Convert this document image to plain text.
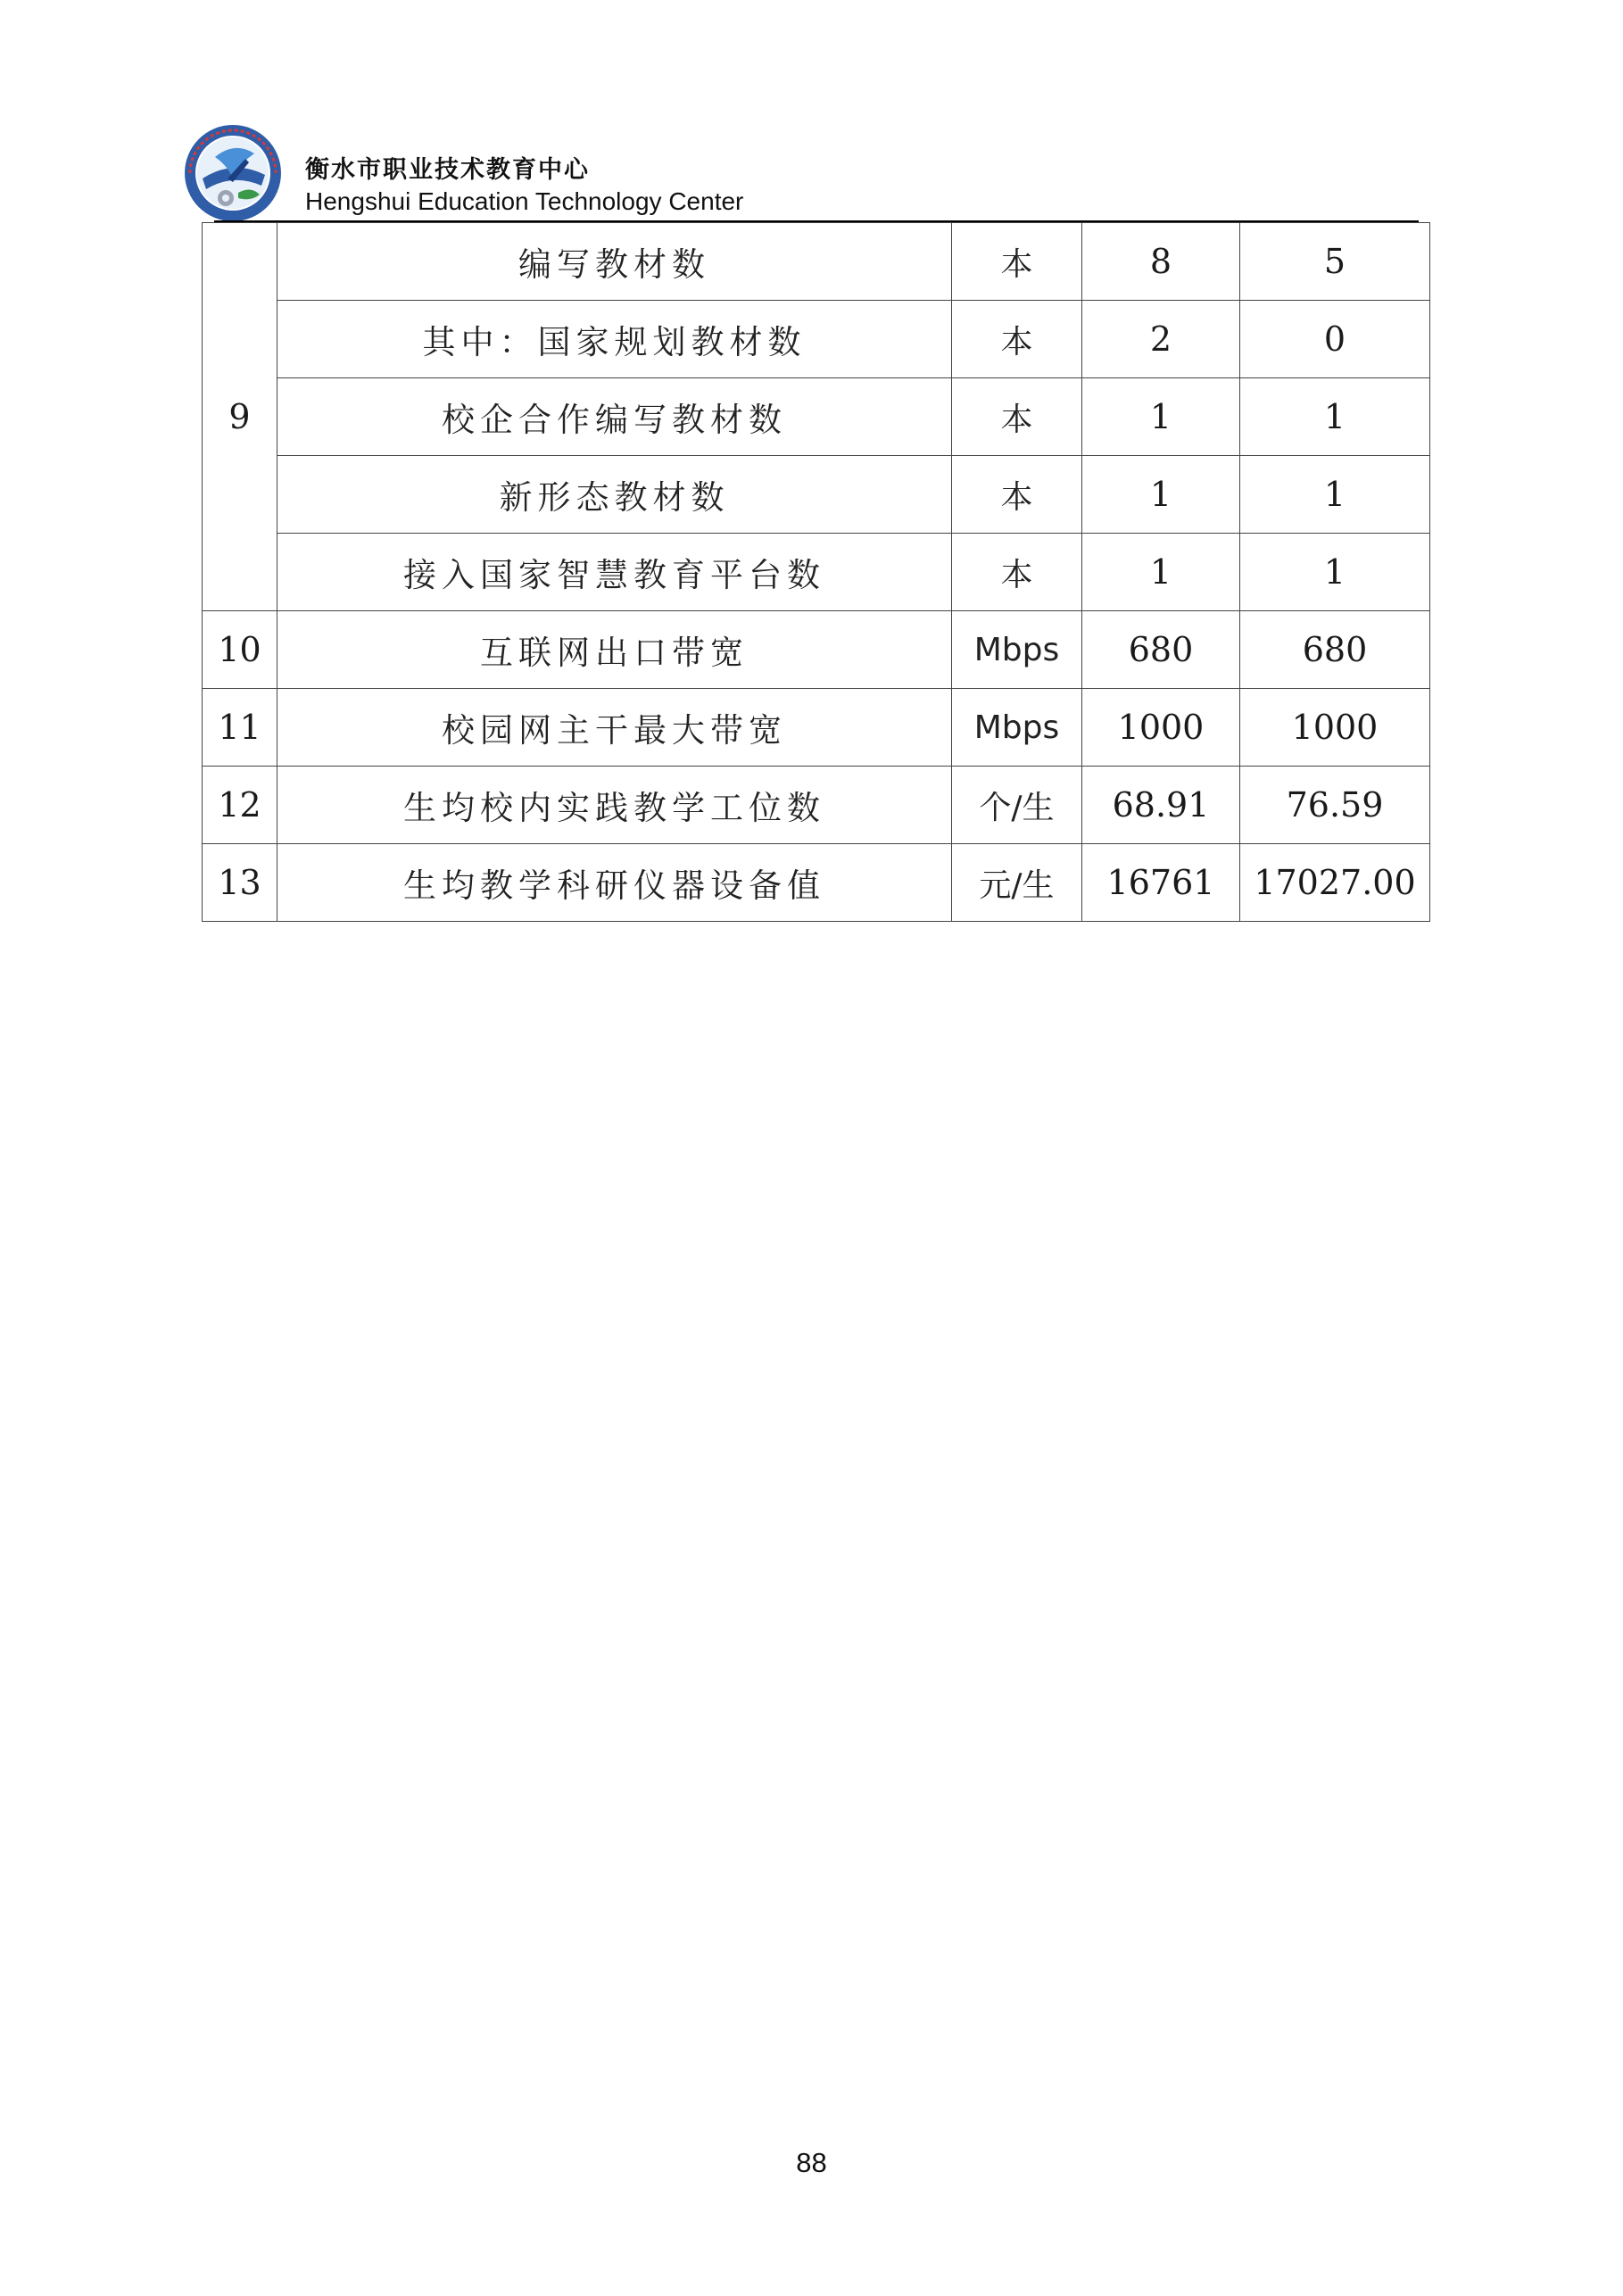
衡水市职业技术教育中心
Hengshui Education Technology Center
9	编写教材数	本	8	5
	其中：国家规划教材数	本	2	0
	校企合作编写教材数	本	1	1
	新形态教材数	本	1	1
	接入国家智慧教育平台数	本	1	1
10	互联网出口带宽	Mbps	680	680
11	校园网主干最大带宽	Mbps	1000	1000
12	生均校内实践教学工位数	个/生	68.91	76.59
13	生均教学科研仪器设备值	元/生	16761	17027.00
88
